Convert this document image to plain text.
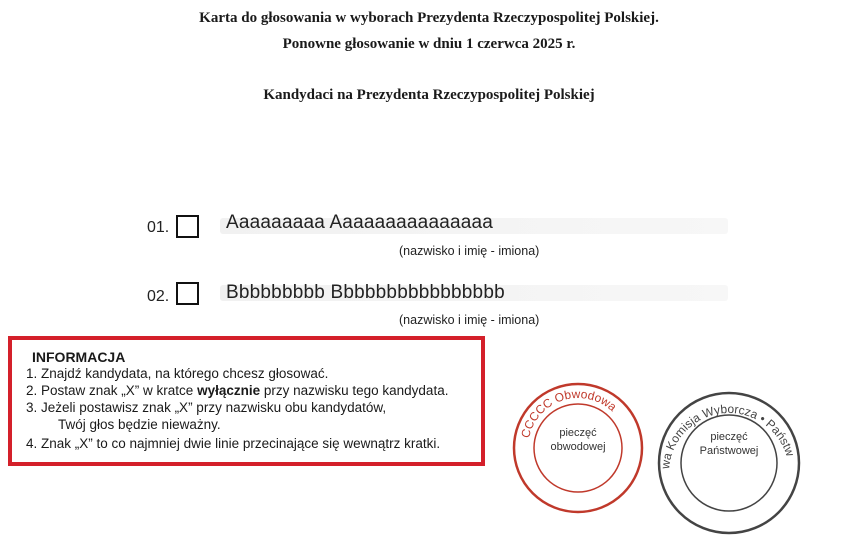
Karta do głosowania w wyborach Prezydenta Rzeczypospolitej Polskiej.
Ponowne głosowanie w dniu 1 czerwca 2025 r.
Kandydaci na Prezydenta Rzeczypospolitej Polskiej
01.	Aaaaaaaaa Aaaaaaaaaaaaaaa
(nazwisko i imię - imiona)
02.	Bbbbbbbbb Bbbbbbbbbbbbbbbb
(nazwisko i imię - imiona)
INFORMACJA
1. Znajdź kandydata, na którego chcesz głosować.
2. Postaw znak „X” w kratce wyłącznie przy nazwisku tego kandydata.
3. Jeżeli postawisz znak „X” przy nazwisku obu kandydatów,
Twój głos będzie nieważny.
4. Znak „X” to co najmniej dwie linie przecinające się wewnątrz kratki.
CCCCC Obwodowa
pieczęć
obwodowej
wa Komisja Wyborcza • Państw
pieczęć
Państwowej
